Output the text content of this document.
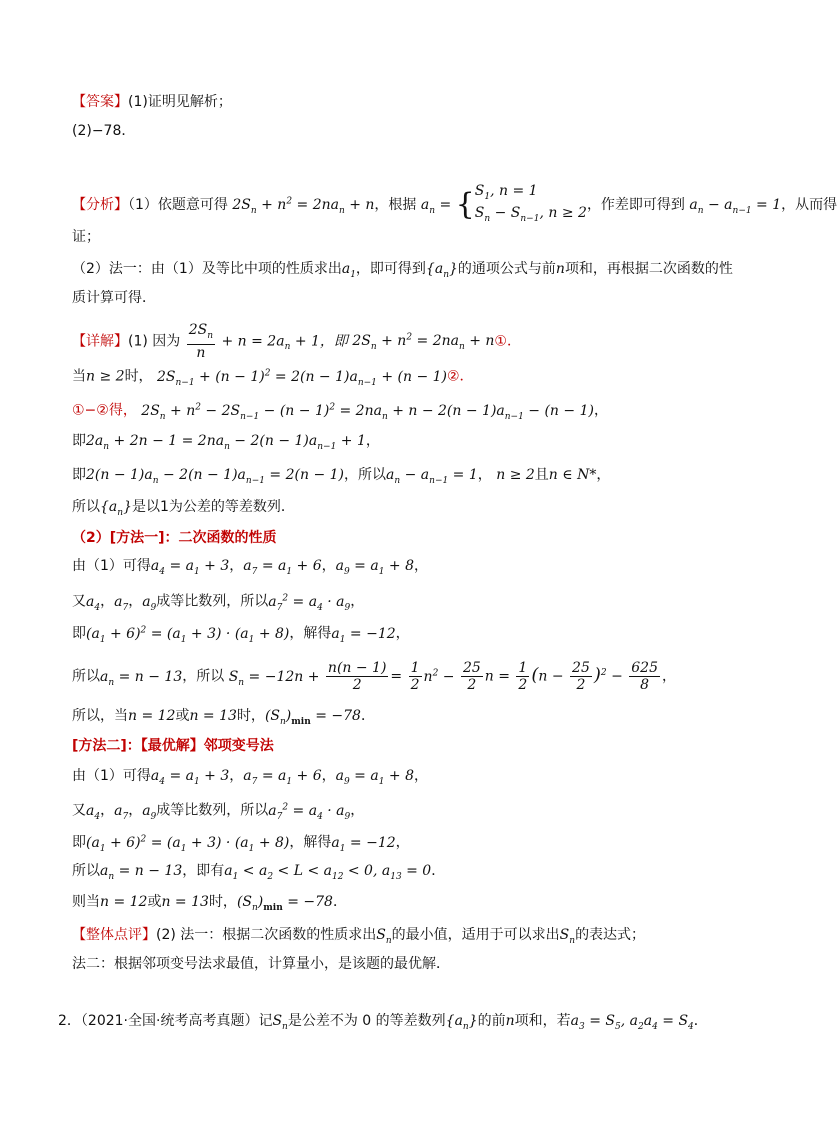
【答案】(1)证明见解析；
(2)−78．
【分析】（1）依题意可得 $2S_n + n^2 = 2na_n + n$，根据 $a_n$ = { $S_1$, n = 1
$S_n - S_{n-1}$, n ≥ 2 ，作差即可得到 $a_n - a_{n-1} = 1$，从而得
证；
（2）法一：由（1）及等比中项的性质求出$a_1$，即可得到$\{a_n\}$的通项公式与前n项和，再根据二次函数的性
质计算可得．
【详解】(1) 因为 $\frac{2S_n}{n} + n = 2a_n + 1$，即 $2S_n + n^2 = 2na_n$ + n①．
当n ≥ 2时， $2S_{n-1} + (n - 1)^2 = 2(n - 1)a_{n-1} + (n$ − 1)②．
①−②得， $2S_n + n^2 - 2S_{n-1} - (n - 1)^2 = 2na_n + n - 2(n - 1)a_{n-1} - (n - 1)$，
即$2a_n + 2n - 1 = 2na_n - 2(n - 1)a_{n-1} + 1$，
即$2(n - 1)a_n - 2(n - 1)a_{n-1} = 2(n - 1)$，所以$a_n - a_{n-1} = 1$， n ≥ 2且n ∈ N*，
所以$\{a_n\}$是以1为公差的等差数列．
（2）[方法一]：二次函数的性质
由（1）可得$a_4 = a_1 + 3$，$a_7 = a_1 + 6$，$a_9 = a_1 + 8$，
又$a_4$，$a_7$，$a_9$成等比数列，所以$a_7^2 = a_4 \cdot a_9$，
即$(a_1 + 6)^2 = (a_1 + 3) \cdot (a_1 + 8)$，解得$a_1 = -12$，
所以$a_n = n - 13$，所以 $S_n = -12n + \frac{n(n - 1)}{2} = \frac{1}{2} n^2 - \frac{25}{2}$ $n = \frac{1}{2} (n - \frac{25}{2} )^2 - \frac{625}{8}$ ，
所以，当n = 12或n = 13时，$(S_n)_{min} = -78$．
[方法二]：【最优解】邻项变号法
由（1）可得$a_4 = a_1 + 3$，$a_7 = a_1 + 6$，$a_9 = a_1 + 8$，
又$a_4$，$a_7$，$a_9$成等比数列，所以$a_7^2 = a_4 \cdot a_9$，
即$(a_1 + 6)^2 = (a_1 + 3) \cdot (a_1 + 8)$，解得$a_1 = -12$，
所以$a_n = n - 13$，即有$a_1 < a_2 < L < a_{12} < 0$, $a_{13} = 0$．
则当n = 12或n = 13时，$(S_n)_{min} = -78$．
【整体点评】(2) 法一：根据二次函数的性质求出$S_n$的最小值，适用于可以求出$S_n$的表达式；
法二：根据邻项变号法求最值，计算量小，是该题的最优解．
2．（2021·全国·统考高考真题）记$S_n$是公差不为 0 的等差数列$\{a_n\}$的前n项和，若$a_3 = S_5$, $a_2a_4 = S_4$．
